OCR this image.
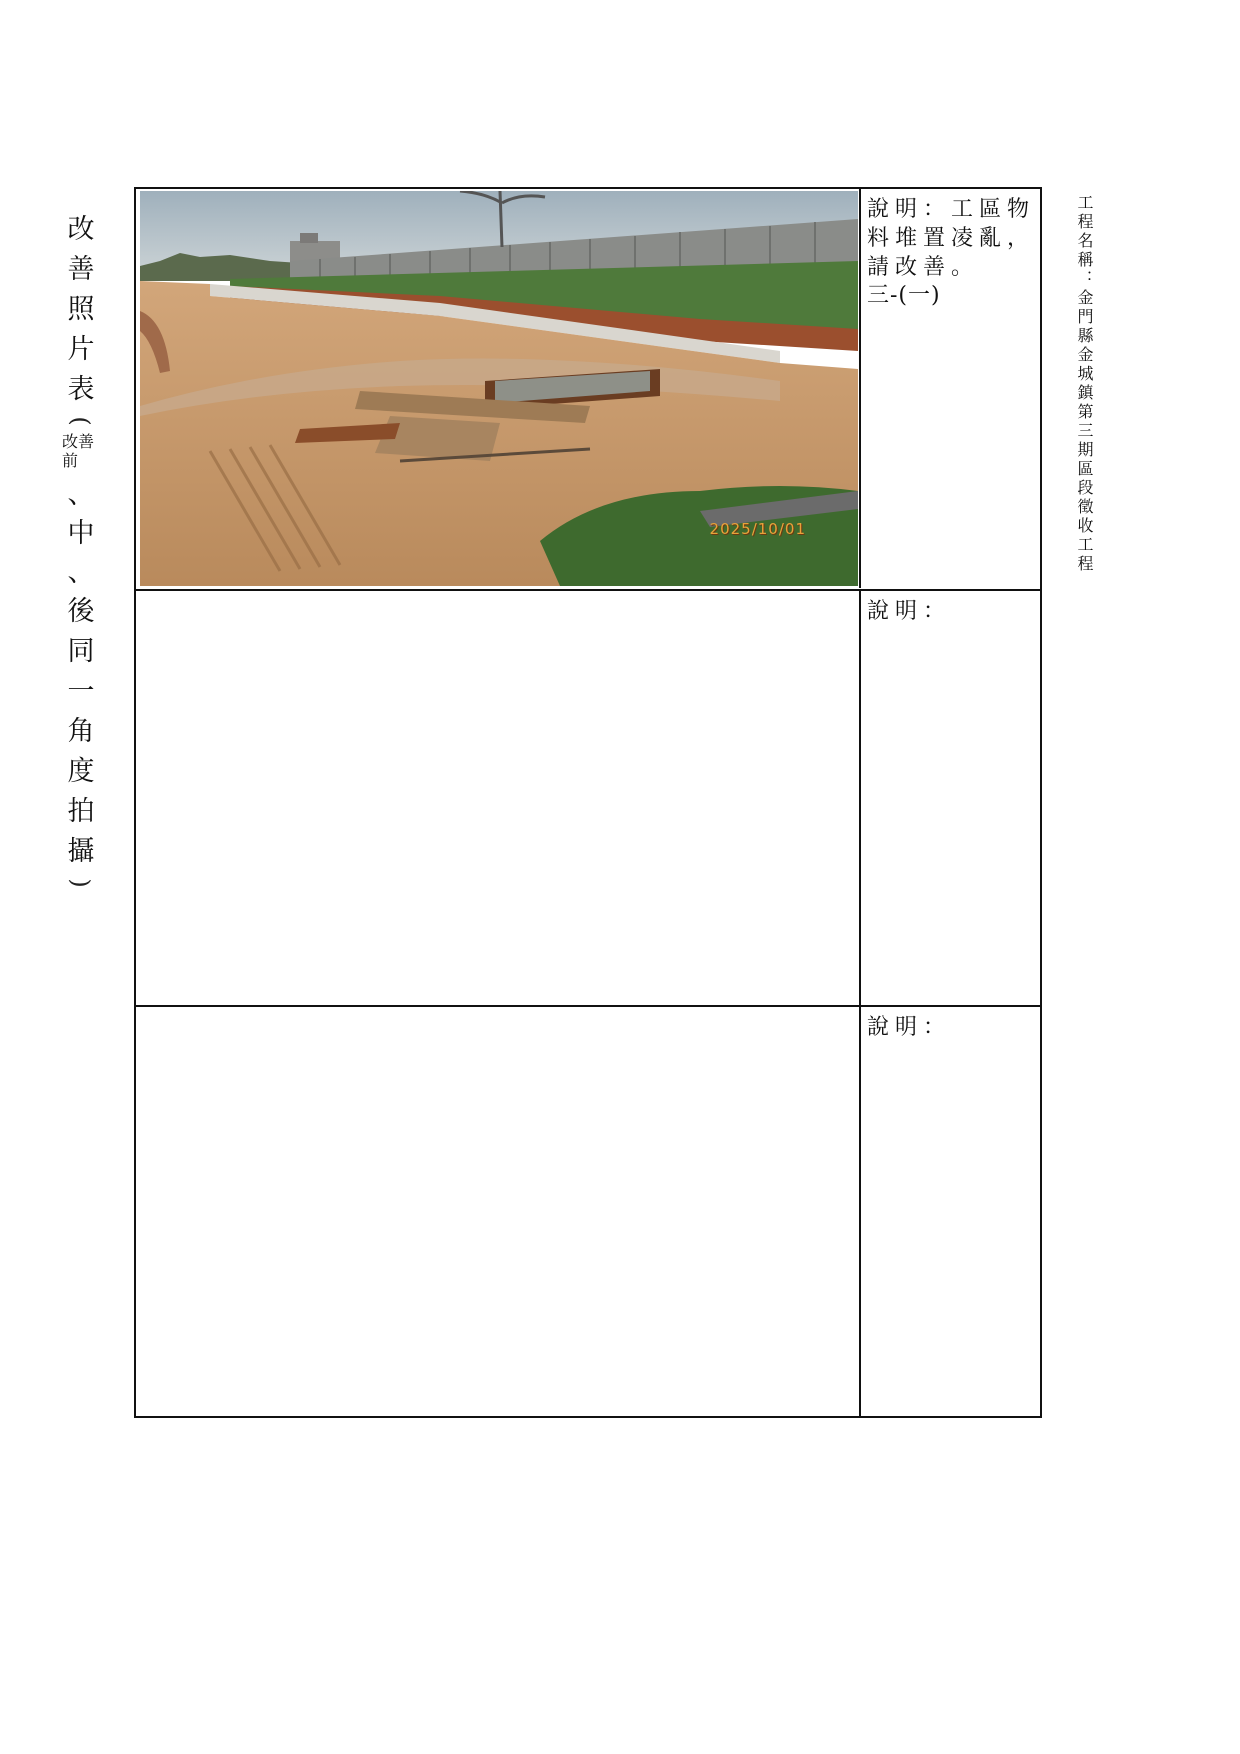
改
善
照
片
表
(
改善前
、
中
、
後
同
一
角
度
拍
攝
)
工程名稱：金門縣金城鎮第三期區段徵收工程
2025/10/01
說明：工區物料堆置凌亂，請改善。
三-(一)
說明：
說明：
